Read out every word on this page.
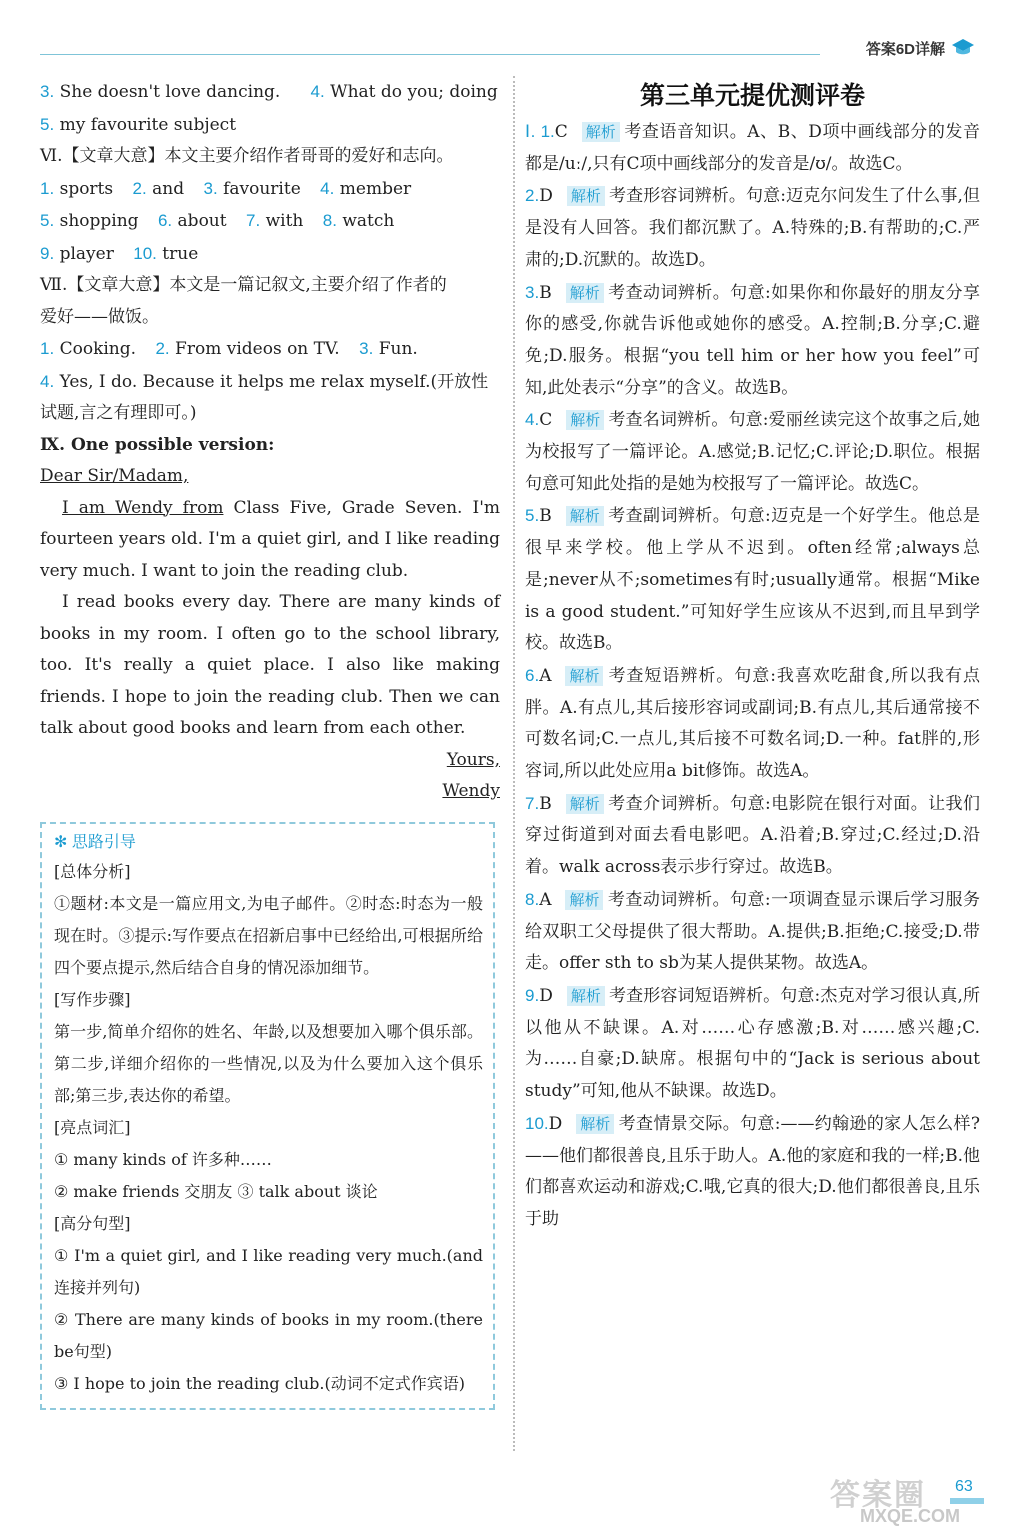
答案6D详解
3. She doesn't love dancing. 4. What do you; doing
5. my favourite subject
Ⅵ.【文章大意】本文主要介绍作者哥哥的爱好和志向。
1. sports 2. and 3. favourite 4. member
5. shopping 6. about 7. with 8. watch
9. player 10. true
Ⅶ.【文章大意】本文是一篇记叙文,主要介绍了作者的
爱好——做饭。
1. Cooking. 2. From videos on TV. 3. Fun.
4. Yes, I do. Because it helps me relax myself.(开放性
试题,言之有理即可。)
Ⅸ. One possible version:
Dear Sir/Madam,
I am Wendy from Class Five, Grade Seven. I'm fourteen years old. I'm a quiet girl, and I like reading very much. I want to join the reading club.
I read books every day. There are many kinds of books in my room. I often go to the school library, too. It's really a quiet place. I also like making friends. I hope to join the reading club. Then we can talk about good books and learn from each other.
Yours,
Wendy
✻ 思路引导
[总体分析]
①题材:本文是一篇应用文,为电子邮件。②时态:时态为一般现在时。③提示:写作要点在招新启事中已经给出,可根据所给四个要点提示,然后结合自身的情况添加细节。
[写作步骤]
第一步,简单介绍你的姓名、年龄,以及想要加入哪个俱乐部。第二步,详细介绍你的一些情况,以及为什么要加入这个俱乐部;第三步,表达你的希望。
[亮点词汇]
① many kinds of 许多种……
② make friends 交朋友 ③ talk about 谈论
[高分句型]
① I'm a quiet girl, and I like reading very much.(and连接并列句)
② There are many kinds of books in my room.(there be句型)
③ I hope to join the reading club.(动词不定式作宾语)
第三单元提优测评卷
Ⅰ. 1.C 解析 考查语音知识。A、B、D项中画线部分的发音都是/uː/,只有C项中画线部分的发音是/ʊ/。故选C。
2.D 解析 考查形容词辨析。句意:迈克尔问发生了什么事,但是没有人回答。我们都沉默了。A.特殊的;B.有帮助的;C.严肃的;D.沉默的。故选D。
3.B 解析 考查动词辨析。句意:如果你和你最好的朋友分享你的感受,你就告诉他或她你的感受。A.控制;B.分享;C.避免;D.服务。根据“you tell him or her how you feel”可知,此处表示“分享”的含义。故选B。
4.C 解析 考查名词辨析。句意:爱丽丝读完这个故事之后,她为校报写了一篇评论。A.感觉;B.记忆;C.评论;D.职位。根据句意可知此处指的是她为校报写了一篇评论。故选C。
5.B 解析 考查副词辨析。句意:迈克是一个好学生。他总是很早来学校。他上学从不迟到。often经常;always总是;never从不;sometimes有时;usually通常。根据“Mike is a good student.”可知好学生应该从不迟到,而且早到学校。故选B。
6.A 解析 考查短语辨析。句意:我喜欢吃甜食,所以我有点胖。A.有点儿,其后接形容词或副词;B.有点儿,其后通常接不可数名词;C.一点儿,其后接不可数名词;D.一种。fat胖的,形容词,所以此处应用a bit修饰。故选A。
7.B 解析 考查介词辨析。句意:电影院在银行对面。让我们穿过街道到对面去看电影吧。A.沿着;B.穿过;C.经过;D.沿着。walk across表示步行穿过。故选B。
8.A 解析 考查动词辨析。句意:一项调查显示课后学习服务给双职工父母提供了很大帮助。A.提供;B.拒绝;C.接受;D.带走。offer sth to sb为某人提供某物。故选A。
9.D 解析 考查形容词短语辨析。句意:杰克对学习很认真,所以他从不缺课。A.对……心存感激;B.对……感兴趣;C.为……自豪;D.缺席。根据句中的“Jack is serious about study”可知,他从不缺课。故选D。
10.D 解析 考查情景交际。句意:——约翰逊的家人怎么样?——他们都很善良,且乐于助人。A.他的家庭和我的一样;B.他们都喜欢运动和游戏;C.哦,它真的很大;D.他们都很善良,且乐于助
答案圈
MXQE.COM
63
